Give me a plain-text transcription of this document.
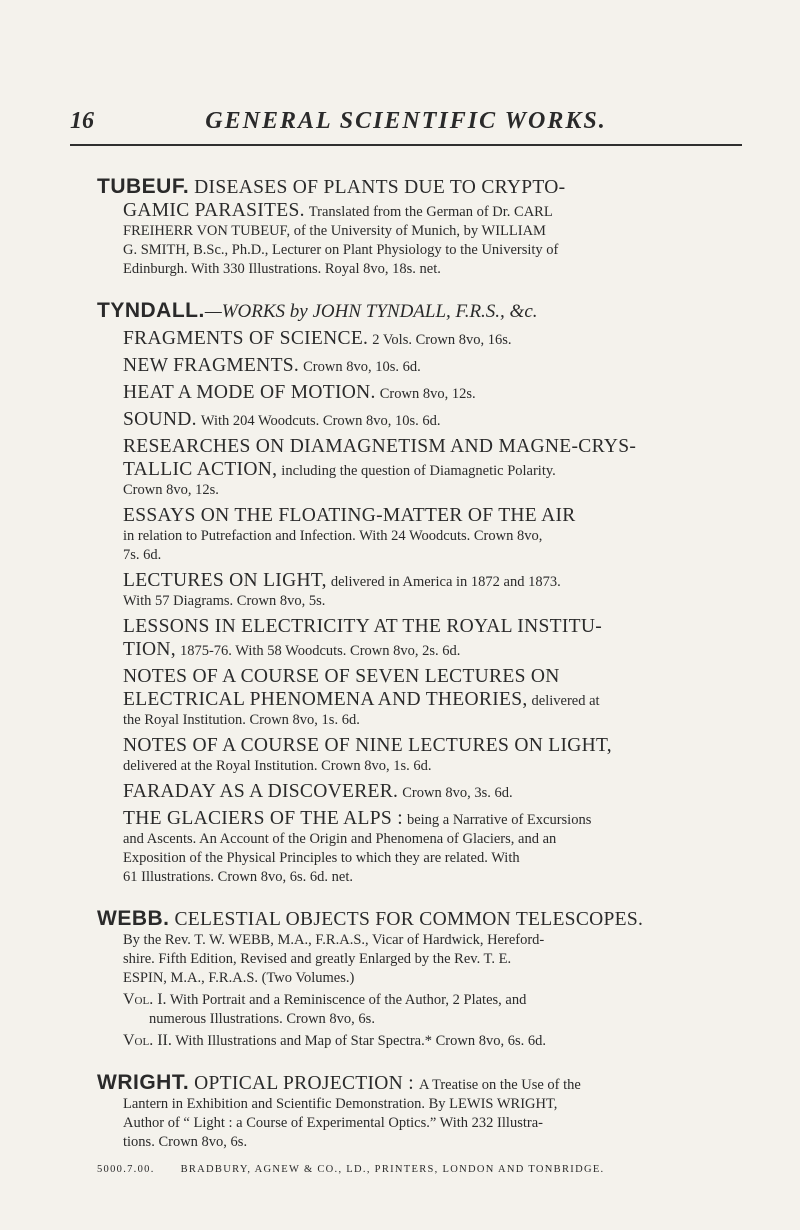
16	GENERAL SCIENTIFIC WORKS.
TUBEUF. DISEASES OF PLANTS DUE TO CRYPTO-
GAMIC PARASITES. Translated from the German of Dr. CARL
FREIHERR VON TUBEUF, of the University of Munich, by WILLIAM
G. SMITH, B.Sc., Ph.D., Lecturer on Plant Physiology to the University of
Edinburgh. With 330 Illustrations. Royal 8vo, 18s. net.
TYNDALL.—WORKS by JOHN TYNDALL, F.R.S., &c.
FRAGMENTS OF SCIENCE. 2 Vols. Crown 8vo, 16s.
NEW FRAGMENTS. Crown 8vo, 10s. 6d.
HEAT A MODE OF MOTION. Crown 8vo, 12s.
SOUND. With 204 Woodcuts. Crown 8vo, 10s. 6d.
RESEARCHES ON DIAMAGNETISM AND MAGNE-CRYS-
TALLIC ACTION, including the question of Diamagnetic Polarity.
Crown 8vo, 12s.
ESSAYS ON THE FLOATING-MATTER OF THE AIR
in relation to Putrefaction and Infection. With 24 Woodcuts. Crown 8vo,
7s. 6d.
LECTURES ON LIGHT, delivered in America in 1872 and 1873.
With 57 Diagrams. Crown 8vo, 5s.
LESSONS IN ELECTRICITY AT THE ROYAL INSTITU-
TION, 1875-76. With 58 Woodcuts. Crown 8vo, 2s. 6d.
NOTES OF A COURSE OF SEVEN LECTURES ON
ELECTRICAL PHENOMENA AND THEORIES, delivered at
the Royal Institution. Crown 8vo, 1s. 6d.
NOTES OF A COURSE OF NINE LECTURES ON LIGHT,
delivered at the Royal Institution. Crown 8vo, 1s. 6d.
FARADAY AS A DISCOVERER. Crown 8vo, 3s. 6d.
THE GLACIERS OF THE ALPS : being a Narrative of Excursions
and Ascents. An Account of the Origin and Phenomena of Glaciers, and an
Exposition of the Physical Principles to which they are related. With
61 Illustrations. Crown 8vo, 6s. 6d. net.
WEBB. CELESTIAL OBJECTS FOR COMMON TELESCOPES.
By the Rev. T. W. WEBB, M.A., F.R.A.S., Vicar of Hardwick, Hereford-
shire. Fifth Edition, Revised and greatly Enlarged by the Rev. T. E.
ESPIN, M.A., F.R.A.S. (Two Volumes.)
Vol. I. With Portrait and a Reminiscence of the Author, 2 Plates, and
numerous Illustrations. Crown 8vo, 6s.
Vol. II. With Illustrations and Map of Star Spectra.* Crown 8vo, 6s. 6d.
WRIGHT. OPTICAL PROJECTION : A Treatise on the Use of the
Lantern in Exhibition and Scientific Demonstration. By LEWIS WRIGHT,
Author of “ Light : a Course of Experimental Optics.” With 232 Illustra-
tions. Crown 8vo, 6s.
5000.7.00. BRADBURY, AGNEW & CO., LD., PRINTERS, LONDON AND TONBRIDGE.
